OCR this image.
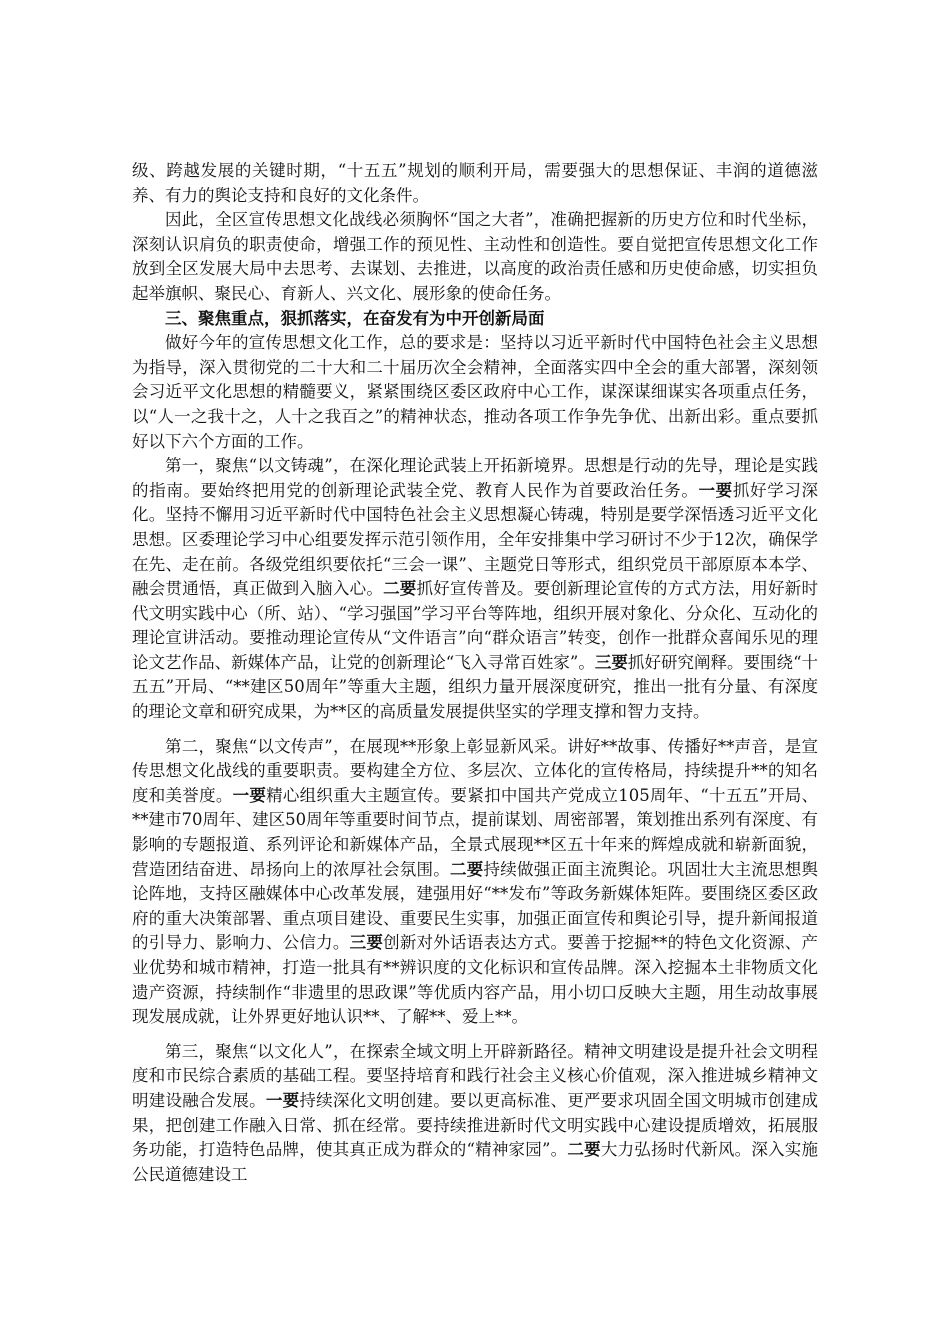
级、跨越发展的关键时期，“十五五”规划的顺利开局，需要强大的思想保证、丰润的道德滋养、有力的舆论支持和良好的文化条件。

因此，全区宣传思想文化战线必须胸怀“国之大者”，准确把握新的历史方位和时代坐标，深刻认识肩负的职责使命，增强工作的预见性、主动性和创造性。要自觉把宣传思想文化工作放到全区发展大局中去思考、去谋划、去推进，以高度的政治责任感和历史使命感，切实担负起举旗帜、聚民心、育新人、兴文化、展形象的使命任务。

三、聚焦重点，狠抓落实，在奋发有为中开创新局面

做好今年的宣传思想文化工作，总的要求是：坚持以习近平新时代中国特色社会主义思想为指导，深入贯彻党的二十大和二十届历次全会精神，全面落实四中全会的重大部署，深刻领会习近平文化思想的精髓要义，紧紧围绕区委区政府中心工作，谋深谋细谋实各项重点任务，以“人一之我十之，人十之我百之”的精神状态，推动各项工作争先争优、出新出彩。重点要抓好以下六个方面的工作。

第一，聚焦“以文铸魂”，在深化理论武装上开拓新境界。思想是行动的先导，理论是实践的指南。要始终把用党的创新理论武装全党、教育人民作为首要政治任务。一要抓好学习深化。坚持不懈用习近平新时代中国特色社会主义思想凝心铸魂，特别是要学深悟透习近平文化思想。区委理论学习中心组要发挥示范引领作用，全年安排集中学习研讨不少于12次，确保学在先、走在前。各级党组织要依托“三会一课”、主题党日等形式，组织党员干部原原本本学、融会贯通悟，真正做到入脑入心。二要抓好宣传普及。要创新理论宣传的方式方法，用好新时代文明实践中心（所、站）、“学习强国”学习平台等阵地，组织开展对象化、分众化、互动化的理论宣讲活动。要推动理论宣传从“文件语言”向“群众语言”转变，创作一批群众喜闻乐见的理论文艺作品、新媒体产品，让党的创新理论“飞入寻常百姓家”。三要抓好研究阐释。要围绕“十五五”开局、“**建区50周年”等重大主题，组织力量开展深度研究，推出一批有分量、有深度的理论文章和研究成果，为**区的高质量发展提供坚实的学理支撑和智力支持。

第二，聚焦“以文传声”，在展现**形象上彰显新风采。讲好**故事、传播好**声音，是宣传思想文化战线的重要职责。要构建全方位、多层次、立体化的宣传格局，持续提升**的知名度和美誉度。一要精心组织重大主题宣传。要紧扣中国共产党成立105周年、“十五五”开局、**建市70周年、建区50周年等重要时间节点，提前谋划、周密部署，策划推出系列有深度、有影响的专题报道、系列评论和新媒体产品，全景式展现**区五十年来的辉煌成就和崭新面貌，营造团结奋进、昂扬向上的浓厚社会氛围。二要持续做强正面主流舆论。巩固壮大主流思想舆论阵地，支持区融媒体中心改革发展，建强用好“**发布”等政务新媒体矩阵。要围绕区委区政府的重大决策部署、重点项目建设、重要民生实事，加强正面宣传和舆论引导，提升新闻报道的引导力、影响力、公信力。三要创新对外话语表达方式。要善于挖掘**的特色文化资源、产业优势和城市精神，打造一批具有**辨识度的文化标识和宣传品牌。深入挖掘本土非物质文化遗产资源，持续制作“非遗里的思政课”等优质内容产品，用小切口反映大主题，用生动故事展现发展成就，让外界更好地认识**、了解**、爱上**。

第三，聚焦“以文化人”，在探索全域文明上开辟新路径。精神文明建设是提升社会文明程度和市民综合素质的基础工程。要坚持培育和践行社会主义核心价值观，深入推进城乡精神文明建设融合发展。一要持续深化文明创建。要以更高标准、更严要求巩固全国文明城市创建成果，把创建工作融入日常、抓在经常。要持续推进新时代文明实践中心建设提质增效，拓展服务功能，打造特色品牌，使其真正成为群众的“精神家园”。二要大力弘扬时代新风。深入实施公民道德建设工
